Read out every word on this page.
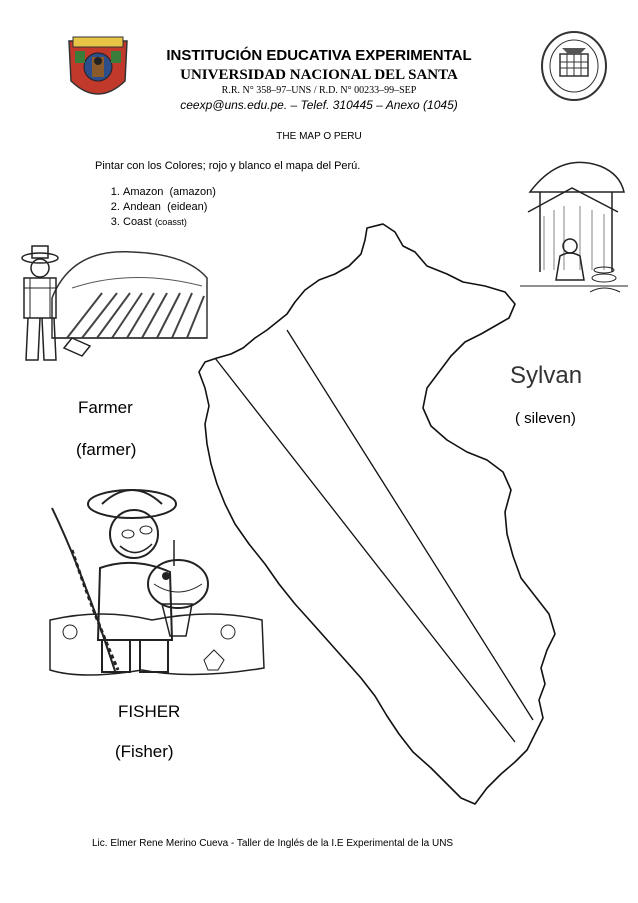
INSTITUCIÓN EDUCATIVA EXPERIMENTAL
UNIVERSIDAD NACIONAL DEL SANTA
R.R. N° 358–97–UNS / R.D. N° 00233–99–SEP
ceexp@uns.edu.pe. – Telef. 310445 – Anexo (1045)
THE MAP O PERU
Pintar con los Colores; rojo y blanco el mapa del Perú.
1. Amazon (amazon)
2. Andean (eidean)
3. Coast (coasst)
Farmer
(farmer)
Sylvan
( sileven)
FISHER
(Fisher)
Lic. Elmer Rene Merino Cueva - Taller de Inglés de la I.E Experimental de la UNS
